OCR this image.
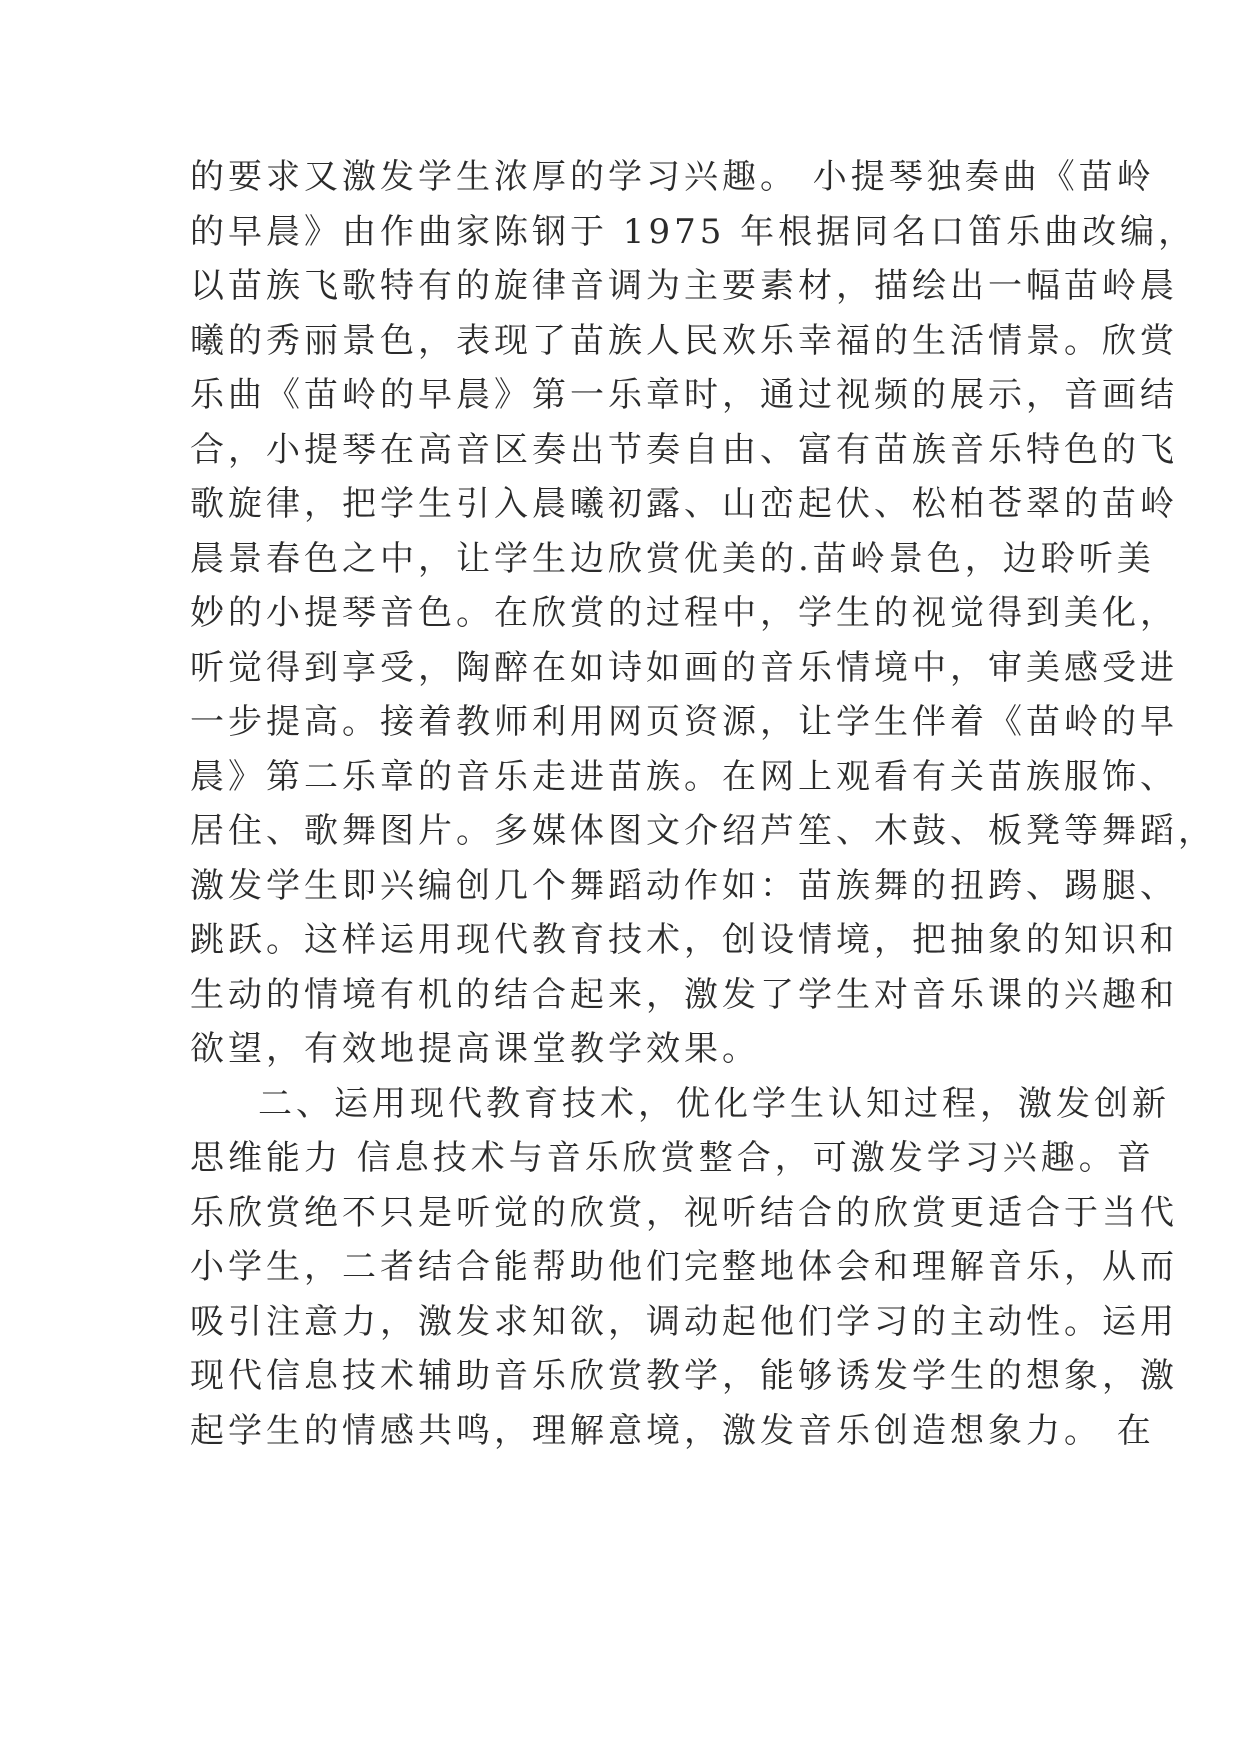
的要求又激发学生浓厚的学习兴趣。 小提琴独奏曲《苗岭
的早晨》由作曲家陈钢于 1975 年根据同名口笛乐曲改编，
以苗族飞歌特有的旋律音调为主要素材，描绘出一幅苗岭晨
曦的秀丽景色，表现了苗族人民欢乐幸福的生活情景。欣赏
乐曲《苗岭的早晨》第一乐章时，通过视频的展示，音画结
合，小提琴在高音区奏出节奏自由、富有苗族音乐特色的飞
歌旋律，把学生引入晨曦初露、山峦起伏、松柏苍翠的苗岭
晨景春色之中，让学生边欣赏优美的.苗岭景色，边聆听美
妙的小提琴音色。在欣赏的过程中，学生的视觉得到美化，
听觉得到享受，陶醉在如诗如画的音乐情境中，审美感受进
一步提高。接着教师利用网页资源，让学生伴着《苗岭的早
晨》第二乐章的音乐走进苗族。在网上观看有关苗族服饰、
居住、歌舞图片。多媒体图文介绍芦笙、木鼓、板凳等舞蹈，
激发学生即兴编创几个舞蹈动作如：苗族舞的扭跨、踢腿、
跳跃。这样运用现代教育技术，创设情境，把抽象的知识和
生动的情境有机的结合起来，激发了学生对音乐课的兴趣和
欲望，有效地提高课堂教学效果。
二、运用现代教育技术，优化学生认知过程，激发创新
思维能力 信息技术与音乐欣赏整合，可激发学习兴趣。音
乐欣赏绝不只是听觉的欣赏，视听结合的欣赏更适合于当代
小学生，二者结合能帮助他们完整地体会和理解音乐，从而
吸引注意力，激发求知欲，调动起他们学习的主动性。运用
现代信息技术辅助音乐欣赏教学，能够诱发学生的想象，激
起学生的情感共鸣，理解意境，激发音乐创造想象力。 在
